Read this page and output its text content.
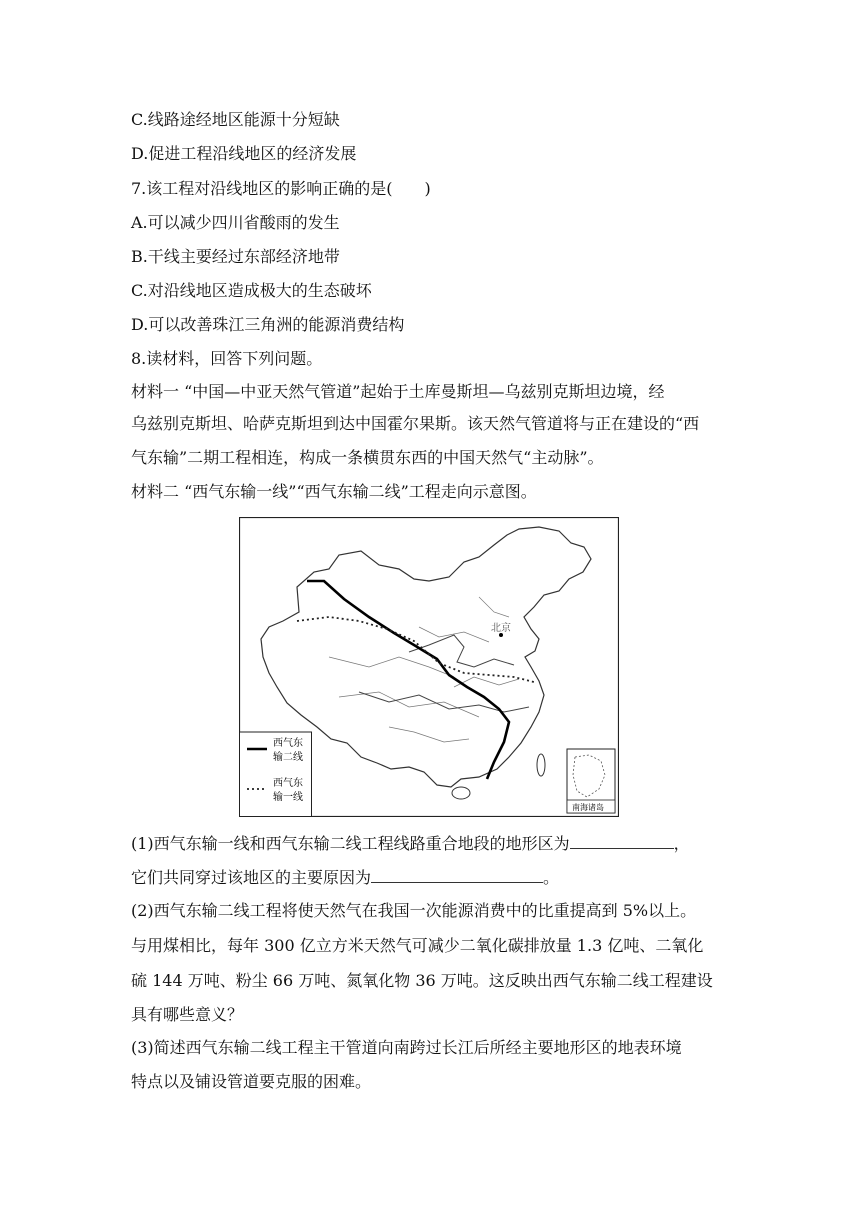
C.线路途经地区能源十分短缺
D.促进工程沿线地区的经济发展
7.该工程对沿线地区的影响正确的是(　　)
A.可以减少四川省酸雨的发生
B.干线主要经过东部经济地带
C.对沿线地区造成极大的生态破坏
D.可以改善珠江三角洲的能源消费结构
8.读材料，回答下列问题。
材料一 “中国—中亚天然气管道”起始于土库曼斯坦—乌兹别克斯坦边境，经
乌兹别克斯坦、哈萨克斯坦到达中国霍尔果斯。该天然气管道将与正在建设的“西
气东输”二期工程相连，构成一条横贯东西的中国天然气“主动脉”。
材料二 “西气东输一线”“西气东输二线”工程走向示意图。
北京
西气东
输二线
西气东
输一线
南海诸岛
(1)西气东输一线和西气东输二线工程线路重合地段的地形区为	，
它们共同穿过该地区的主要原因为	。
(2)西气东输二线工程将使天然气在我国一次能源消费中的比重提高到 5%以上。
与用煤相比，每年 300 亿立方米天然气可减少二氧化碳排放量 1.3 亿吨、二氧化
硫 144 万吨、粉尘 66 万吨、氮氧化物 36 万吨。这反映出西气东输二线工程建设
具有哪些意义？
(3)简述西气东输二线工程主干管道向南跨过长江后所经主要地形区的地表环境
特点以及铺设管道要克服的困难。
